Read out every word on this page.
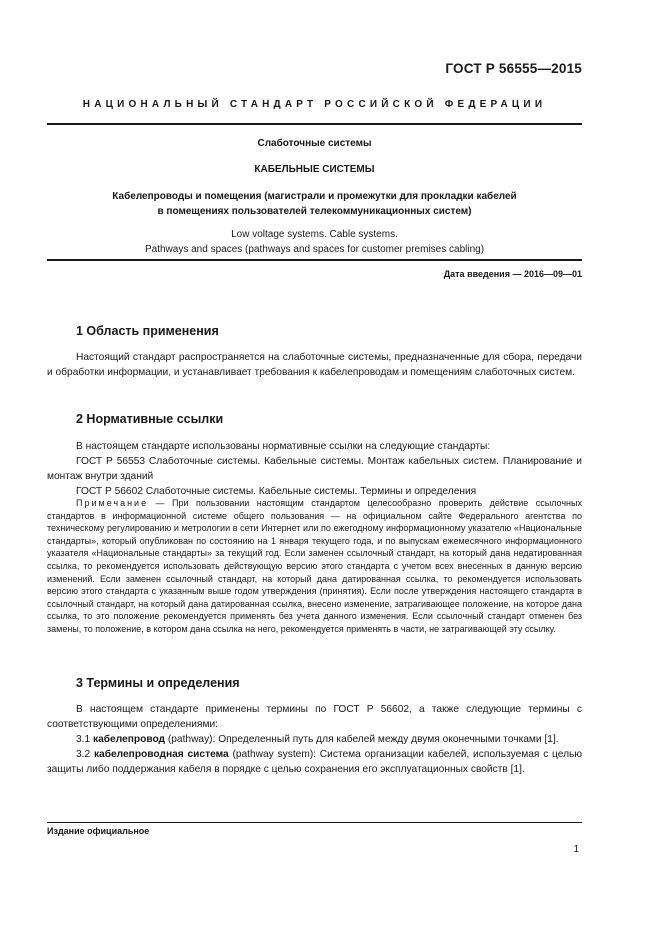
ГОСТ Р 56555—2015
НАЦИОНАЛЬНЫЙ СТАНДАРТ РОССИЙСКОЙ ФЕДЕРАЦИИ
Слаботочные системы
КАБЕЛЬНЫЕ СИСТЕМЫ
Кабелепроводы и помещения (магистрали и промежутки для прокладки кабелей
в помещениях пользователей телекоммуникационных систем)
Low voltage systems. Cable systems.
Pathways and spaces (pathways and spaces for customer premises cabling)
Дата введения — 2016—09—01
1 Область применения

Настоящий стандарт распространяется на слаботочные системы, предназначенные для сбора, передачи и обработки информации, и устанавливает требования к кабелепроводам и помещениям слаботочных систем.

2 Нормативные ссылки

В настоящем стандарте использованы нормативные ссылки на следующие стандарты:

ГОСТ Р 56553 Слаботочные системы. Кабельные системы. Монтаж кабельных систем. Планирование и монтаж внутри зданий

ГОСТ Р 56602 Слаботочные системы. Кабельные системы. Термины и определения

Примечание — При пользовании настоящим стандартом целесообразно проверить действие ссылочных стандартов в информационной системе общего пользования — на официальном сайте Федерального агентства по техническому регулированию и метрологии в сети Интернет или по ежегодному информационному указателю «Национальные стандарты», который опубликован по состоянию на 1 января текущего года, и по выпускам ежемесячного информационного указателя «Национальные стандарты» за текущий год. Если заменен ссылочный стандарт, на который дана недатированная ссылка, то рекомендуется использовать действующую версию этого стандарта с учетом всех внесенных в данную версию изменений. Если заменен ссылочный стандарт, на который дана датированная ссылка, то рекомендуется использовать версию этого стандарта с указанным выше годом утверждения (принятия). Если после утверждения настоящего стандарта в ссылочный стандарт, на который дана датированная ссылка, внесено изменение, затрагивающее положение, на которое дана ссылка, то это положение рекомендуется применять без учета данного изменения. Если ссылочный стандарт отменен без замены, то положение, в котором дана ссылка на него, рекомендуется применять в части, не затрагивающей эту ссылку.
3 Термины и определения

В настоящем стандарте применены термины по ГОСТ Р 56602, а также следующие термины с соответствующими определениями:

3.1 кабелепровод (pathway): Определенный путь для кабелей между двумя оконечными точками [1].

3.2 кабелепроводная система (pathway system): Система организации кабелей, используемая с целью защиты либо поддержания кабеля в порядке с целью сохранения его эксплуатационных свойств [1].

Издание официальное
1
